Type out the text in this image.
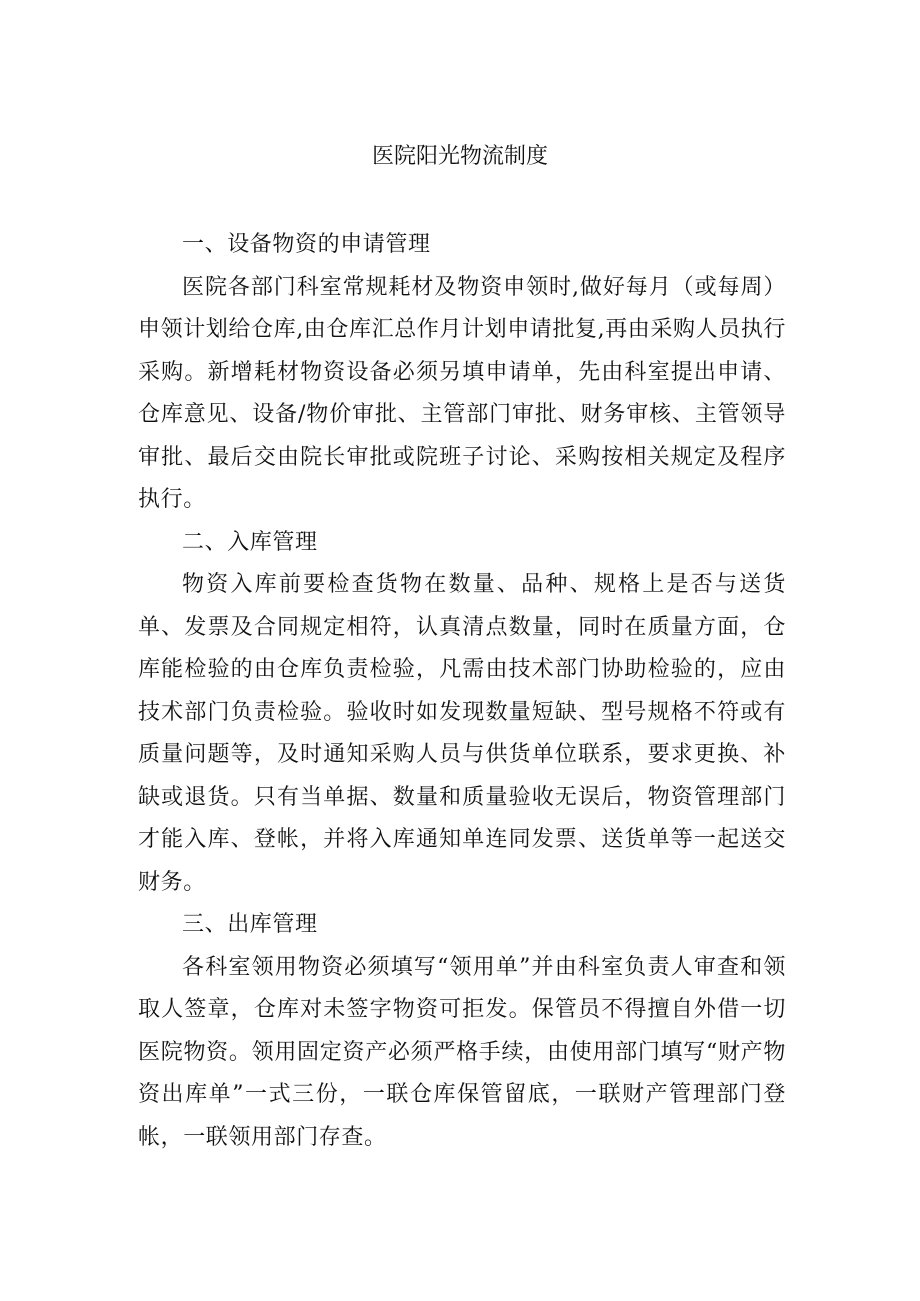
医院阳光物流制度

一、设备物资的申请管理

医院各部门科室常规耗材及物资申领时,做好每月（或每周）申领计划给仓库,由仓库汇总作月计划申请批复,再由采购人员执行采购。新增耗材物资设备必须另填申请单，先由科室提出申请、仓库意见、设备/物价审批、主管部门审批、财务审核、主管领导审批、最后交由院长审批或院班子讨论、采购按相关规定及程序执行。

二、入库管理

物资入库前要检查货物在数量、品种、规格上是否与送货单、发票及合同规定相符，认真清点数量，同时在质量方面，仓库能检验的由仓库负责检验，凡需由技术部门协助检验的，应由技术部门负责检验。验收时如发现数量短缺、型号规格不符或有质量问题等，及时通知采购人员与供货单位联系，要求更换、补缺或退货。只有当单据、数量和质量验收无误后，物资管理部门才能入库、登帐，并将入库通知单连同发票、送货单等一起送交财务。

三、出库管理

各科室领用物资必须填写“领用单”并由科室负责人审查和领取人签章，仓库对未签字物资可拒发。保管员不得擅自外借一切医院物资。领用固定资产必须严格手续，由使用部门填写“财产物资出库单”一式三份，一联仓库保管留底，一联财产管理部门登帐，一联领用部门存查。
